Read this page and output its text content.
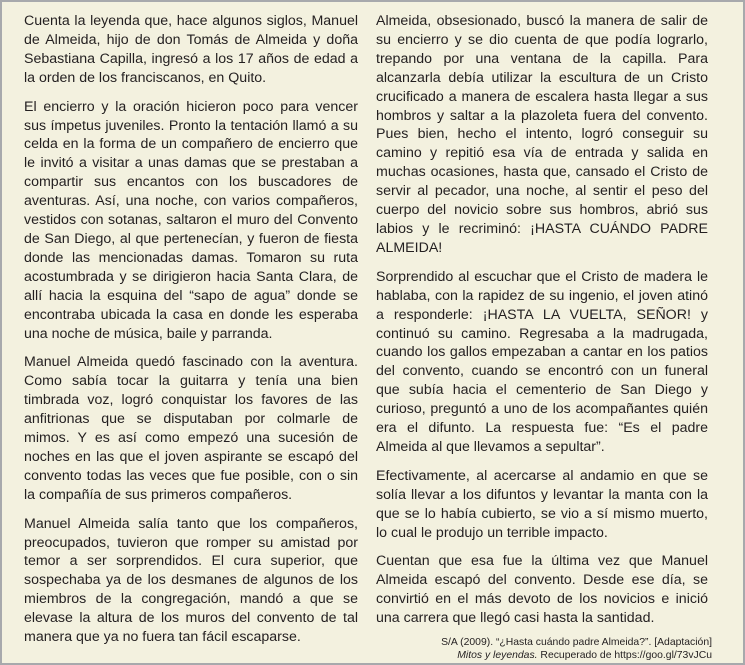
Cuenta la leyenda que, hace algunos siglos, Manuel de Almeida, hijo de don Tomás de Almeida y doña Sebastiana Capilla, ingresó a los 17 años de edad a la orden de los franciscanos, en Quito.

El encierro y la oración hicieron poco para vencer sus ímpetus juveniles. Pronto la tentación llamó a su celda en la forma de un compañero de encierro que le invitó a visitar a unas damas que se prestaban a compartir sus encantos con los buscadores de aventuras. Así, una noche, con varios compañeros, vestidos con sotanas, saltaron el muro del Convento de San Diego, al que pertenecían, y fueron de fiesta donde las mencionadas damas. Tomaron su ruta acostumbrada y se dirigieron hacia Santa Clara, de allí hacia la esquina del “sapo de agua” donde se encontraba ubicada la casa en donde les esperaba una noche de música, baile y parranda.

Manuel Almeida quedó fascinado con la aventura. Como sabía tocar la guitarra y tenía una bien timbrada voz, logró conquistar los favores de las anfitrionas que se disputaban por colmarle de mimos. Y es así como empezó una sucesión de noches en las que el joven aspirante se escapó del convento todas las veces que fue posible, con o sin la compañía de sus primeros compañeros.

Manuel Almeida salía tanto que los compañeros, preocupados, tuvieron que romper su amistad por temor a ser sorprendidos. El cura superior, que sospechaba ya de los desmanes de algunos de los miembros de la congregación, mandó a que se elevase la altura de los muros del convento de tal manera que ya no fuera tan fácil escaparse.

Almeida, obsesionado, buscó la manera de salir de su encierro y se dio cuenta de que podía lograrlo, trepando por una ventana de la capilla. Para alcanzarla debía utilizar la escultura de un Cristo crucificado a manera de escalera hasta llegar a sus hombros y saltar a la plazoleta fuera del convento. Pues bien, hecho el intento, logró conseguir su camino y repitió esa vía de entrada y salida en muchas ocasiones, hasta que, cansado el Cristo de servir al pecador, una noche, al sentir el peso del cuerpo del novicio sobre sus hombros, abrió sus labios y le recriminó: ¡HASTA CUÁNDO PADRE ALMEIDA!

Sorprendido al escuchar que el Cristo de madera le hablaba, con la rapidez de su ingenio, el joven atinó a responderle: ¡HASTA LA VUELTA, SEÑOR! y continuó su camino. Regresaba a la madrugada, cuando los gallos empezaban a cantar en los patios del convento, cuando se encontró con un funeral que subía hacia el cementerio de San Diego y curioso, preguntó a uno de los acompañantes quién era el difunto. La respuesta fue: “Es el padre Almeida al que llevamos a sepultar”.

Efectivamente, al acercarse al andamio en que se solía llevar a los difuntos y levantar la manta con la que se lo había cubierto, se vio a sí mismo muerto, lo cual le produjo un terrible impacto.

Cuentan que esa fue la última vez que Manuel Almeida escapó del convento. Desde ese día, se convirtió en el más devoto de los novicios e inició una carrera que llegó casi hasta la santidad.

S/A (2009). “¿Hasta cuándo padre Almeida?”. [Adaptación]
Mitos y leyendas. Recuperado de https://goo.gl/73vJCu
